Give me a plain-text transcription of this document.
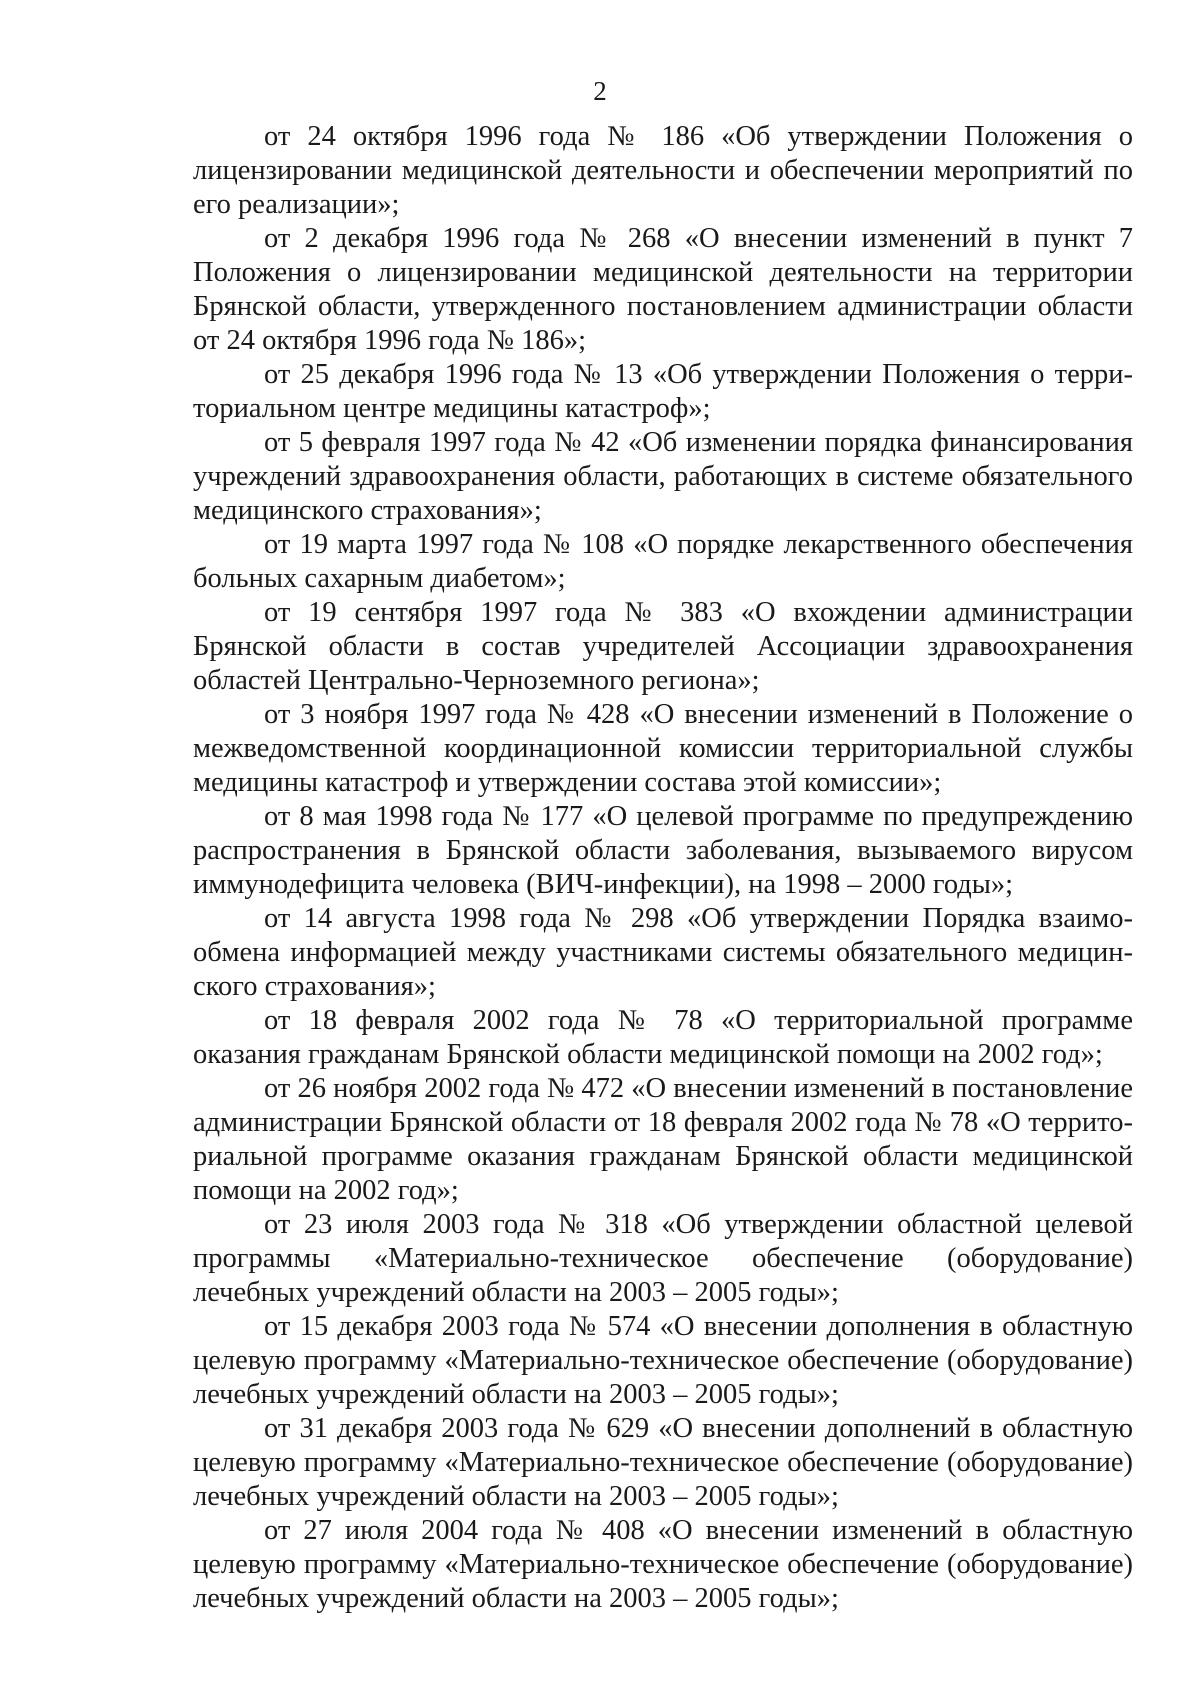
2

от 24 октября 1996 года № 186 «Об утверждении Положения о лицензировании медицинской деятельности и обеспечении мероприятий по его реализации»;

от 2 декабря 1996 года № 268 «О внесении изменений в пункт 7 Положения о лицензировании медицинской деятельности на территории Брянской области, утвержденного постановлением администрации области от 24 октября 1996 года № 186»;

от 25 декабря 1996 года № 13 «Об утверждении Положения о территориальном центре медицины катастроф»;

от 5 февраля 1997 года № 42 «Об изменении порядка финансирования учреждений здравоохранения области, работающих в системе обязательного медицинского страхования»;

от 19 марта 1997 года № 108 «О порядке лекарственного обеспечения больных сахарным диабетом»;

от 19 сентября 1997 года № 383 «О вхождении администрации Брянской области в состав учредителей Ассоциации здравоохранения областей Центрально-Черноземного региона»;

от 3 ноября 1997 года № 428 «О внесении изменений в Положение о межведомственной координационной комиссии территориальной службы медицины катастроф и утверждении состава этой комиссии»;

от 8 мая 1998 года № 177 «О целевой программе по предупреждению распространения в Брянской области заболевания, вызываемого вирусом иммунодефицита человека (ВИЧ-инфекции), на 1998 – 2000 годы»;

от 14 августа 1998 года № 298 «Об утверждении Порядка взаимообмена информацией между участниками системы обязательного медицинского страхования»;

от 18 февраля 2002 года № 78 «О территориальной программе оказания гражданам Брянской области медицинской помощи на 2002 год»;

от 26 ноября 2002 года № 472 «О внесении изменений в постановление администрации Брянской области от 18 февраля 2002 года № 78 «О территориальной программе оказания гражданам Брянской области медицинской помощи на 2002 год»;

от 23 июля 2003 года № 318 «Об утверждении областной целевой программы «Материально-техническое обеспечение (оборудование) лечебных учреждений области на 2003 – 2005 годы»;

от 15 декабря 2003 года № 574 «О внесении дополнения в областную целевую программу «Материально-техническое обеспечение (оборудование) лечебных учреждений области на 2003 – 2005 годы»;

от 31 декабря 2003 года № 629 «О внесении дополнений в областную целевую программу «Материально-техническое обеспечение (оборудование) лечебных учреждений области на 2003 – 2005 годы»;

от 27 июля 2004 года № 408 «О внесении изменений в областную целевую программу «Материально-техническое обеспечение (оборудование) лечебных учреждений области на 2003 – 2005 годы»;
